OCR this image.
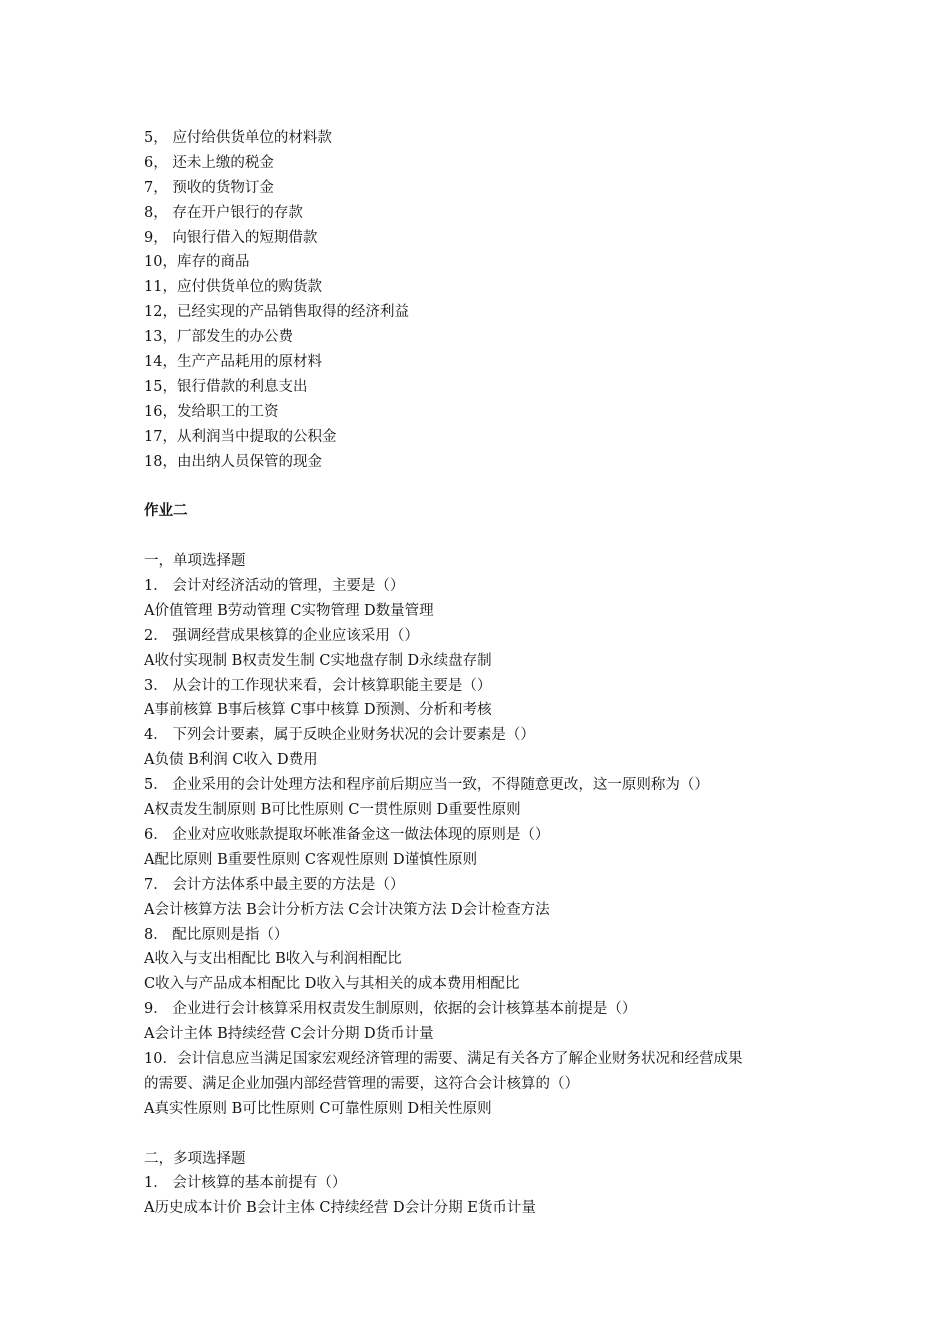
5， 应付给供货单位的材料款
6， 还未上缴的税金
7， 预收的货物订金
8， 存在开户银行的存款
9， 向银行借入的短期借款
10，库存的商品
11，应付供货单位的购货款
12，已经实现的产品销售取得的经济利益
13，厂部发生的办公费
14，生产产品耗用的原材料
15，银行借款的利息支出
16，发给职工的工资
17，从利润当中提取的公积金
18，由出纳人员保管的现金
作业二
一，单项选择题
1． 会计对经济活动的管理，主要是（）
A价值管理 B劳动管理 C实物管理 D数量管理
2． 强调经营成果核算的企业应该采用（）
A收付实现制 B权责发生制 C实地盘存制 D永续盘存制
3． 从会计的工作现状来看，会计核算职能主要是（）
A事前核算 B事后核算 C事中核算 D预测、分析和考核
4． 下列会计要素，属于反映企业财务状况的会计要素是（）
A负债 B利润 C收入 D费用
5． 企业采用的会计处理方法和程序前后期应当一致，不得随意更改，这一原则称为（）
A权责发生制原则 B可比性原则 C一贯性原则 D重要性原则
6． 企业对应收账款提取坏帐准备金这一做法体现的原则是（）
A配比原则 B重要性原则 C客观性原则 D谨慎性原则
7． 会计方法体系中最主要的方法是（）
A会计核算方法 B会计分析方法 C会计决策方法 D会计检查方法
8． 配比原则是指（）
A收入与支出相配比 B收入与利润相配比
C收入与产品成本相配比 D收入与其相关的成本费用相配比
9． 企业进行会计核算采用权责发生制原则，依据的会计核算基本前提是（）
A会计主体 B持续经营 C会计分期 D货币计量
10．会计信息应当满足国家宏观经济管理的需要、满足有关各方了解企业财务状况和经营成果
的需要、满足企业加强内部经营管理的需要，这符合会计核算的（）
A真实性原则 B可比性原则 C可靠性原则 D相关性原则
二，多项选择题
1． 会计核算的基本前提有（）
A历史成本计价 B会计主体 C持续经营 D会计分期 E货币计量
